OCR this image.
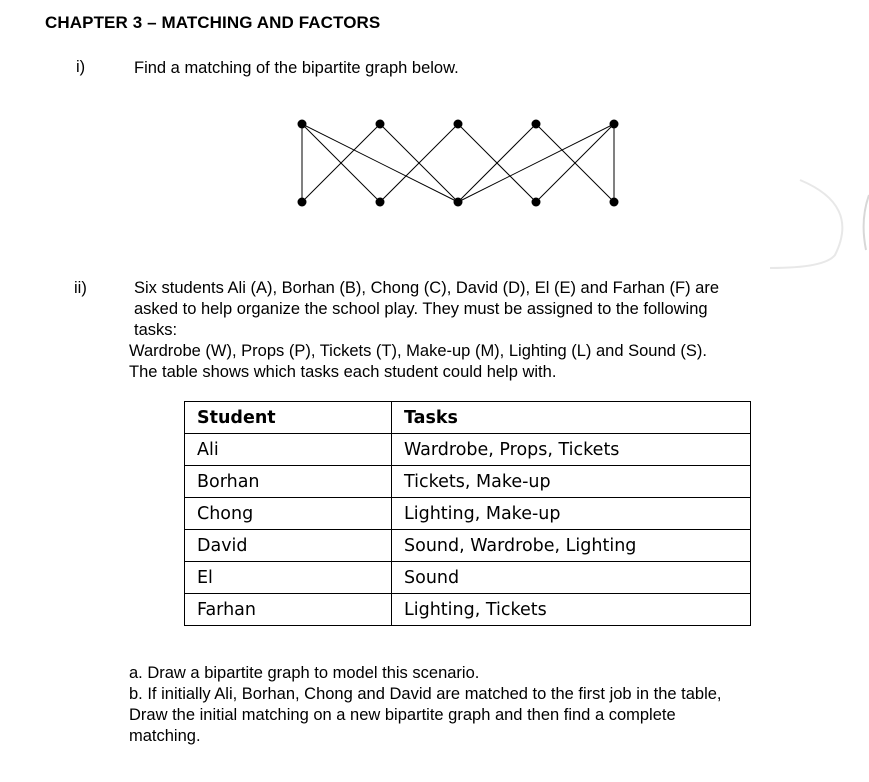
CHAPTER 3 – MATCHING AND FACTORS
i)	Find a matching of the bipartite graph below.
ii)	Six students Ali (A), Borhan (B), Chong (C), David (D), El (E) and Farhan (F) are
asked to help organize the school play. They must be assigned to the following
tasks:
Wardrobe (W), Props (P), Tickets (T), Make-up (M), Lighting (L) and Sound (S).
The table shows which tasks each student could help with.
Student	Tasks
Ali	Wardrobe, Props, Tickets
Borhan	Tickets, Make-up
Chong	Lighting, Make-up
David	Sound, Wardrobe, Lighting
El	Sound
Farhan	Lighting, Tickets
a. Draw a bipartite graph to model this scenario.
b. If initially Ali, Borhan, Chong and David are matched to the first job in the table,
Draw the initial matching on a new bipartite graph and then find a complete
matching.
